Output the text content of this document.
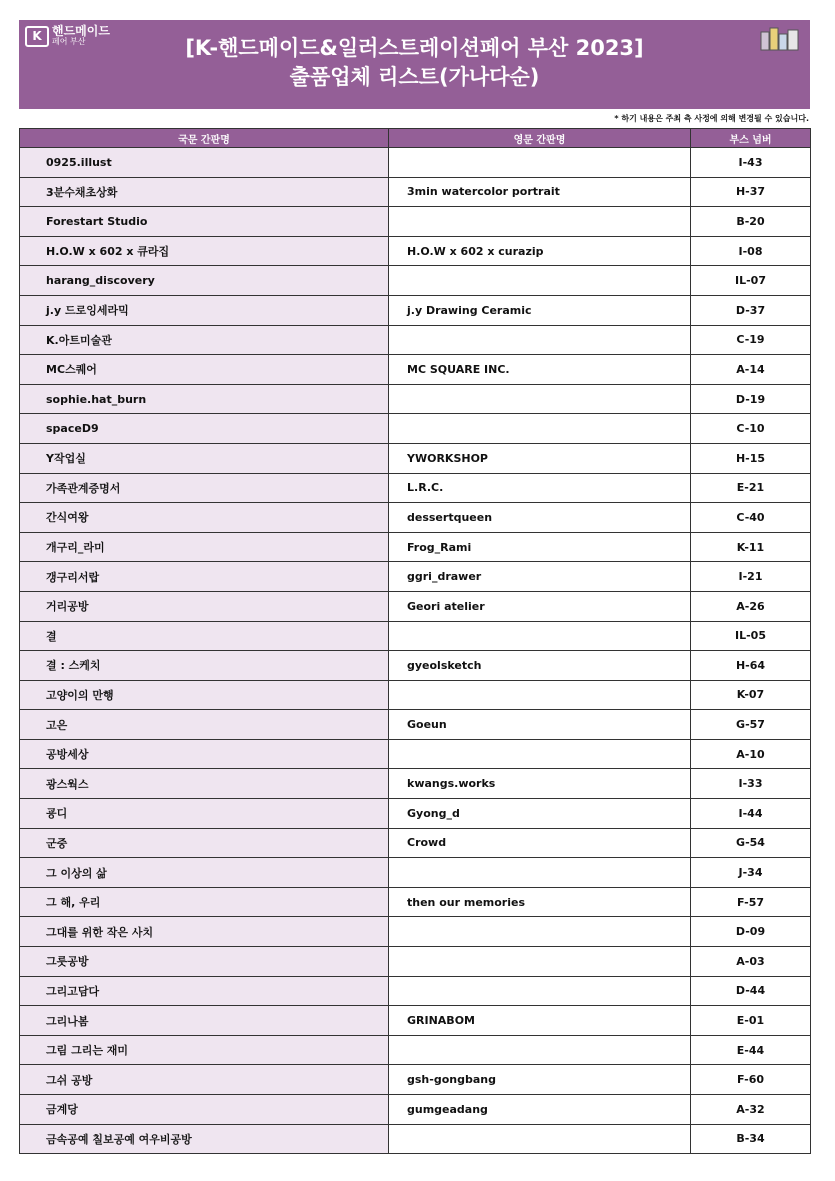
K 핸드메이드
페어 부산	[K-핸드메이드&일러스트레이션페어 부산 2023]
출품업체 리스트(가나다순)
* 하기 내용은 주최 측 사정에 의해 변경될 수 있습니다.
국문 간판명	영문 간판명	부스 넘버
0925.illust		I-43
3분수채초상화	3min watercolor portrait	H-37
Forestart Studio		B-20
H.O.W x 602 x 큐라집	H.O.W x 602 x curazip	I-08
harang_discovery		IL-07
j.y 드로잉세라믹	j.y Drawing Ceramic	D-37
K.아트미술관		C-19
MC스퀘어	MC SQUARE INC.	A-14
sophie.hat_burn		D-19
spaceD9		C-10
Y작업실	YWORKSHOP	H-15
가족관계증명서	L.R.C.	E-21
간식여왕	dessertqueen	C-40
개구리_라미	Frog_Rami	K-11
갱구리서랍	ggri_drawer	I-21
거리공방	Geori atelier	A-26
결		IL-05
결 : 스케치	gyeolsketch	H-64
고양이의 만행		K-07
고은	Goeun	G-57
공방세상		A-10
광스웍스	kwangs.works	I-33
굥디	Gyong_d	I-44
군중	Crowd	G-54
그 이상의 삶		J-34
그 해, 우리	then our memories	F-57
그대를 위한 작은 사치		D-09
그릇공방		A-03
그리고담다		D-44
그리나봄	GRINABOM	E-01
그림 그리는 재미		E-44
그쉬 공방	gsh-gongbang	F-60
금계당	gumgeadang	A-32
금속공예 칠보공예 여우비공방		B-34
